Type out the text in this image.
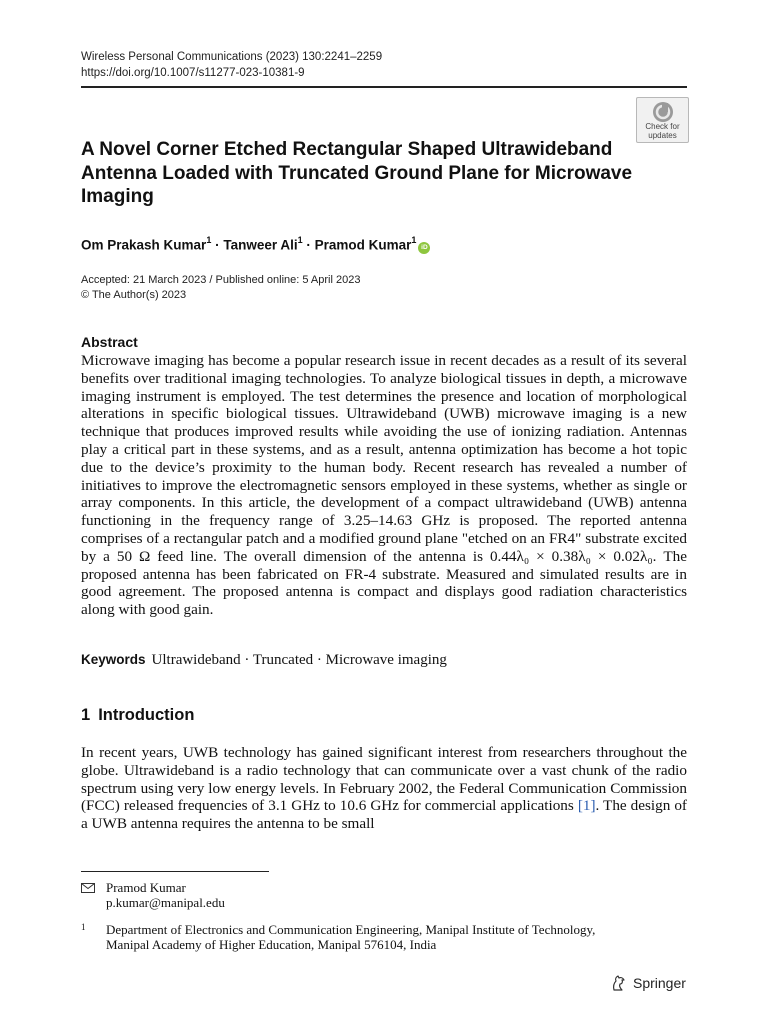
Wireless Personal Communications (2023) 130:2241–2259
https://doi.org/10.1007/s11277-023-10381-9
Check for updates
A Novel Corner Etched Rectangular Shaped Ultrawideband Antenna Loaded with Truncated Ground Plane for Microwave Imaging
Om Prakash Kumar$^1$ · Tanweer Ali$^1$ · Pramod Kumar$^1$iD
Accepted: 21 March 2023 / Published online: 5 April 2023
© The Author(s) 2023
Abstract
Microwave imaging has become a popular research issue in recent decades as a result of its several benefits over traditional imaging technologies. To analyze biological tissues in depth, a microwave imaging instrument is employed. The test determines the presence and location of morphological alterations in specific biological tissues. Ultrawideband (UWB) microwave imaging is a new technique that produces improved results while avoiding the use of ionizing radiation. Antennas play a critical part in these systems, and as a result, antenna optimization has become a hot topic due to the device’s proximity to the human body. Recent research has revealed a number of initiatives to improve the electromagnetic sensors employed in these systems, whether as single or array components. In this article, the development of a compact ultrawideband (UWB) antenna functioning in the frequency range of 3.25–14.63 GHz is proposed. The reported antenna comprises of a rectangular patch and a modified ground plane "etched on an FR4" substrate excited by a 50 Ω feed line. The overall dimension of the antenna is 0.44λ₀ × 0.38λ₀ × 0.02λ₀. The proposed antenna has been fabricated on FR-4 substrate. Measured and simulated results are in good agreement. The proposed antenna is compact and displays good radiation characteristics along with good gain.
Keywords Ultrawideband · Truncated · Microwave imaging
1 Introduction
In recent years, UWB technology has gained significant interest from researchers throughout the globe. Ultrawideband is a radio technology that can communicate over a vast chunk of the radio spectrum using very low energy levels. In February 2002, the Federal Communication Commission (FCC) released frequencies of 3.1 GHz to 10.6 GHz for commercial applications [1]. The design of a UWB antenna requires the antenna to be small
Pramod Kumar
p.kumar@manipal.edu
1 Department of Electronics and Communication Engineering, Manipal Institute of Technology,
Manipal Academy of Higher Education, Manipal 576104, India
Springer
